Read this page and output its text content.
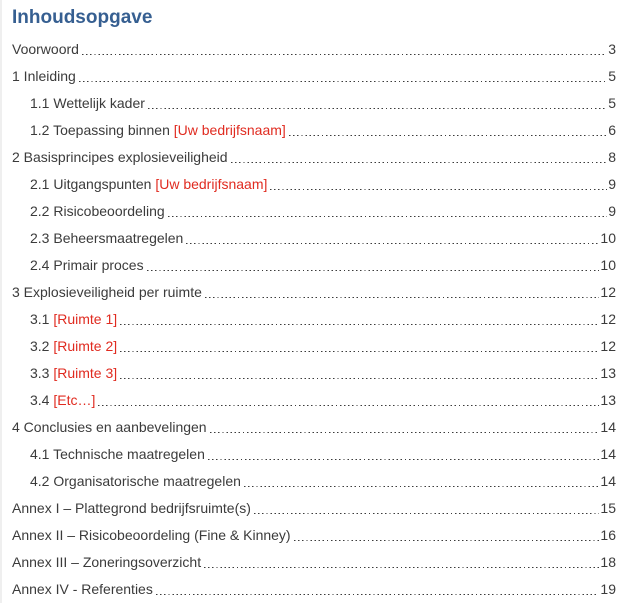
Inhoudsopgave
Voorwoord	3
1 Inleiding	5
1.1 Wettelijk kader	5
1.2 Toepassing binnen [Uw bedrijfsnaam]	6
2 Basisprincipes explosieveiligheid	8
2.1 Uitgangspunten [Uw bedrijfsnaam]	9
2.2 Risicobeoordeling	9
2.3 Beheersmaatregelen	10
2.4 Primair proces	10
3 Explosieveiligheid per ruimte	12
3.1 [Ruimte 1]	12
3.2 [Ruimte 2]	12
3.3 [Ruimte 3]	13
3.4 [Etc…]	13
4 Conclusies en aanbevelingen	14
4.1 Technische maatregelen	14
4.2 Organisatorische maatregelen	14
Annex I – Plattegrond bedrijfsruimte(s)	15
Annex II – Risicobeoordeling (Fine & Kinney)	16
Annex III – Zoneringsoverzicht	18
Annex IV - Referenties	19
